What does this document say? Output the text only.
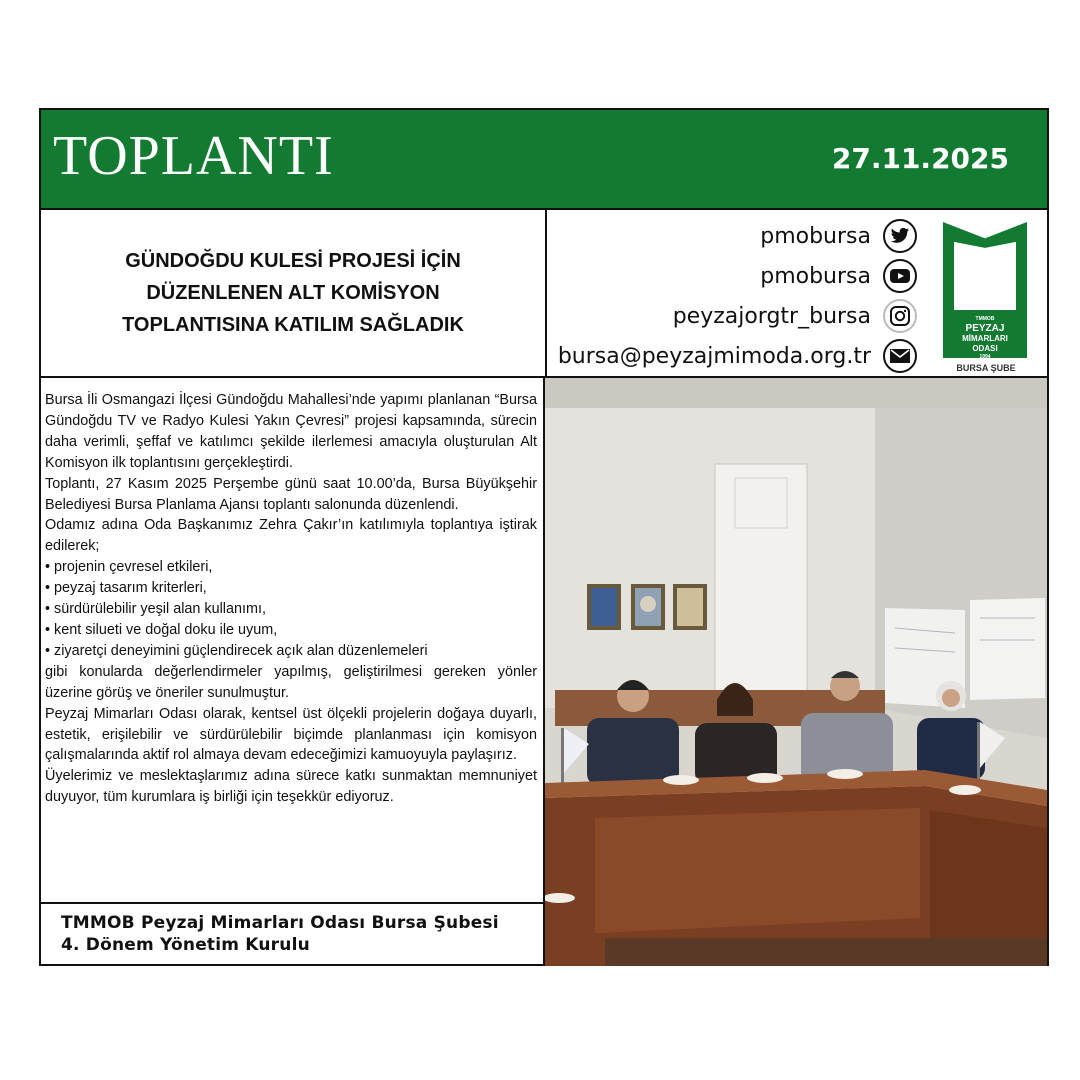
TOPLANTI	27.11.2025
GÜNDOĞDU KULESİ PROJESİ İÇİN DÜZENLENEN ALT KOMİSYON TOPLANTISINA KATILIM SAĞLADIK
pmobursa
pmobursa
peyzajorgtr_bursa
bursa@peyzajmimoda.org.tr
TMMOB
PEYZAJ
MİMARLARI
ODASI
1994
BURSA ŞUBE

Bursa İli Osmangazi İlçesi Gündoğdu Mahallesi’nde yapımı planlanan “Bursa Gündoğdu TV ve Radyo Kulesi Yakın Çevresi” projesi kapsamında, sürecin daha verimli, şeffaf ve katılımcı şekilde ilerlemesi amacıyla oluşturulan Alt Komisyon ilk toplantısını gerçekleştirdi.

Toplantı, 27 Kasım 2025 Perşembe günü saat 10.00’da, Bursa Büyükşehir Belediyesi Bursa Planlama Ajansı toplantı salonunda düzenlendi.

Odamız adına Oda Başkanımız Zehra Çakır’ın katılımıyla toplantıya iştirak edilerek;

• projenin çevresel etkileri,
• peyzaj tasarım kriterleri,
• sürdürülebilir yeşil alan kullanımı,
• kent silueti ve doğal doku ile uyum,
• ziyaretçi deneyimini güçlendirecek açık alan düzenlemeleri

gibi konularda değerlendirmeler yapılmış, geliştirilmesi gereken yönler üzerine görüş ve öneriler sunulmuştur.

Peyzaj Mimarları Odası olarak, kentsel üst ölçekli projelerin doğaya duyarlı, estetik, erişilebilir ve sürdürülebilir biçimde planlanması için komisyon çalışmalarında aktif rol almaya devam edeceğimizi kamuoyuyla paylaşırız.

Üyelerimiz ve meslektaşlarımız adına sürece katkı sunmaktan memnuniyet duyuyor, tüm kurumlara iş birliği için teşekkür ediyoruz.

TMMOB Peyzaj Mimarları Odası Bursa Şubesi
4. Dönem Yönetim Kurulu
